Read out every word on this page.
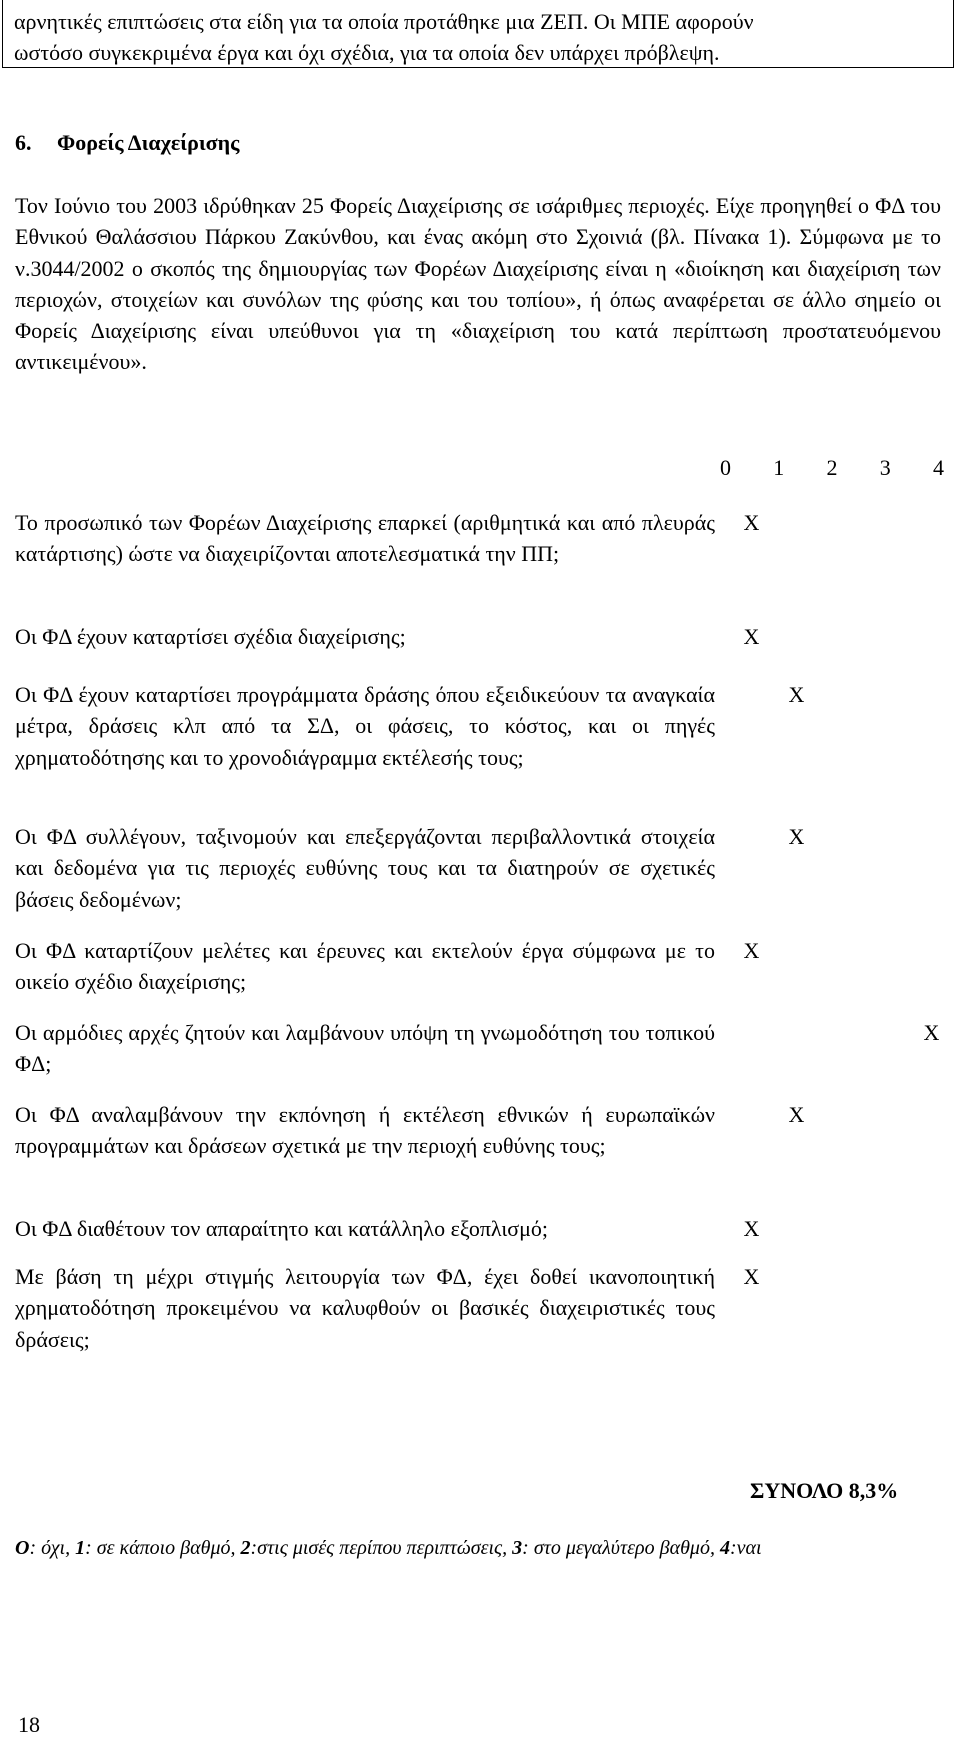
αρνητικές επιπτώσεις στα είδη για τα οποία προτάθηκε μια ΖΕΠ. Οι ΜΠΕ αφορούν
ωστόσο συγκεκριμένα έργα και όχι σχέδια, για τα οποία δεν υπάρχει πρόβλεψη.
6. Φορείς Διαχείρισης

Τον Ιούνιο του 2003 ιδρύθηκαν 25 Φορείς Διαχείρισης σε ισάριθμες περιοχές. Είχε προηγηθεί ο ΦΔ του Εθνικού Θαλάσσιου Πάρκου Ζακύνθου, και ένας ακόμη στο Σχοινιά (βλ. Πίνακα 1). Σύμφωνα με το ν.3044/2002 ο σκοπός της δημιουργίας των Φορέων Διαχείρισης είναι η «διοίκηση και διαχείριση των περιοχών, στοιχείων και συνόλων της φύσης και του τοπίου», ή όπως αναφέρεται σε άλλο σημείο οι Φορείς Διαχείρισης είναι υπεύθυνοι για τη «διαχείριση του κατά περίπτωση προστατευόμενου αντικειμένου».

0 1 2 3 4
Το προσωπικό των Φορέων Διαχείρισης επαρκεί (αριθμητικά και από πλευράς κατάρτισης) ώστε να διαχειρίζονται αποτελεσματικά την ΠΠ;	X				
Οι ΦΔ έχουν καταρτίσει σχέδια διαχείρισης;	X				
Οι ΦΔ έχουν καταρτίσει προγράμματα δράσης όπου εξειδικεύουν τα αναγκαία μέτρα, δράσεις κλπ από τα ΣΔ, οι φάσεις, το κόστος, και οι πηγές χρηματοδότησης και το χρονοδιάγραμμα εκτέλεσής τους;		X			
Οι ΦΔ συλλέγουν, ταξινομούν και επεξεργάζονται περιβαλλοντικά στοιχεία και δεδομένα για τις περιοχές ευθύνης τους και τα διατηρούν σε σχετικές βάσεις δεδομένων;		X			
Οι ΦΔ καταρτίζουν μελέτες και έρευνες και εκτελούν έργα σύμφωνα με το οικείο σχέδιο διαχείρισης;	X				
Οι αρμόδιες αρχές ζητούν και λαμβάνουν υπόψη τη γνωμοδότηση του τοπικού ΦΔ;					X
Οι ΦΔ αναλαμβάνουν την εκπόνηση ή εκτέλεση εθνικών ή ευρωπαϊκών προγραμμάτων και δράσεων σχετικά με την περιοχή ευθύνης τους;		X			
Οι ΦΔ διαθέτουν τον απαραίτητο και κατάλληλο εξοπλισμό;	X				
Με βάση τη μέχρι στιγμής λειτουργία των ΦΔ, έχει δοθεί ικανοποιητική χρηματοδότηση προκειμένου να καλυφθούν οι βασικές διαχειριστικές τους δράσεις;	X				
ΣΥΝΟΛΟ 8,3%
Ο: όχι, 1: σε κάποιο βαθμό, 2:στις μισές περίπου περιπτώσεις, 3: στο μεγαλύτερο βαθμό, 4:ναι
18
